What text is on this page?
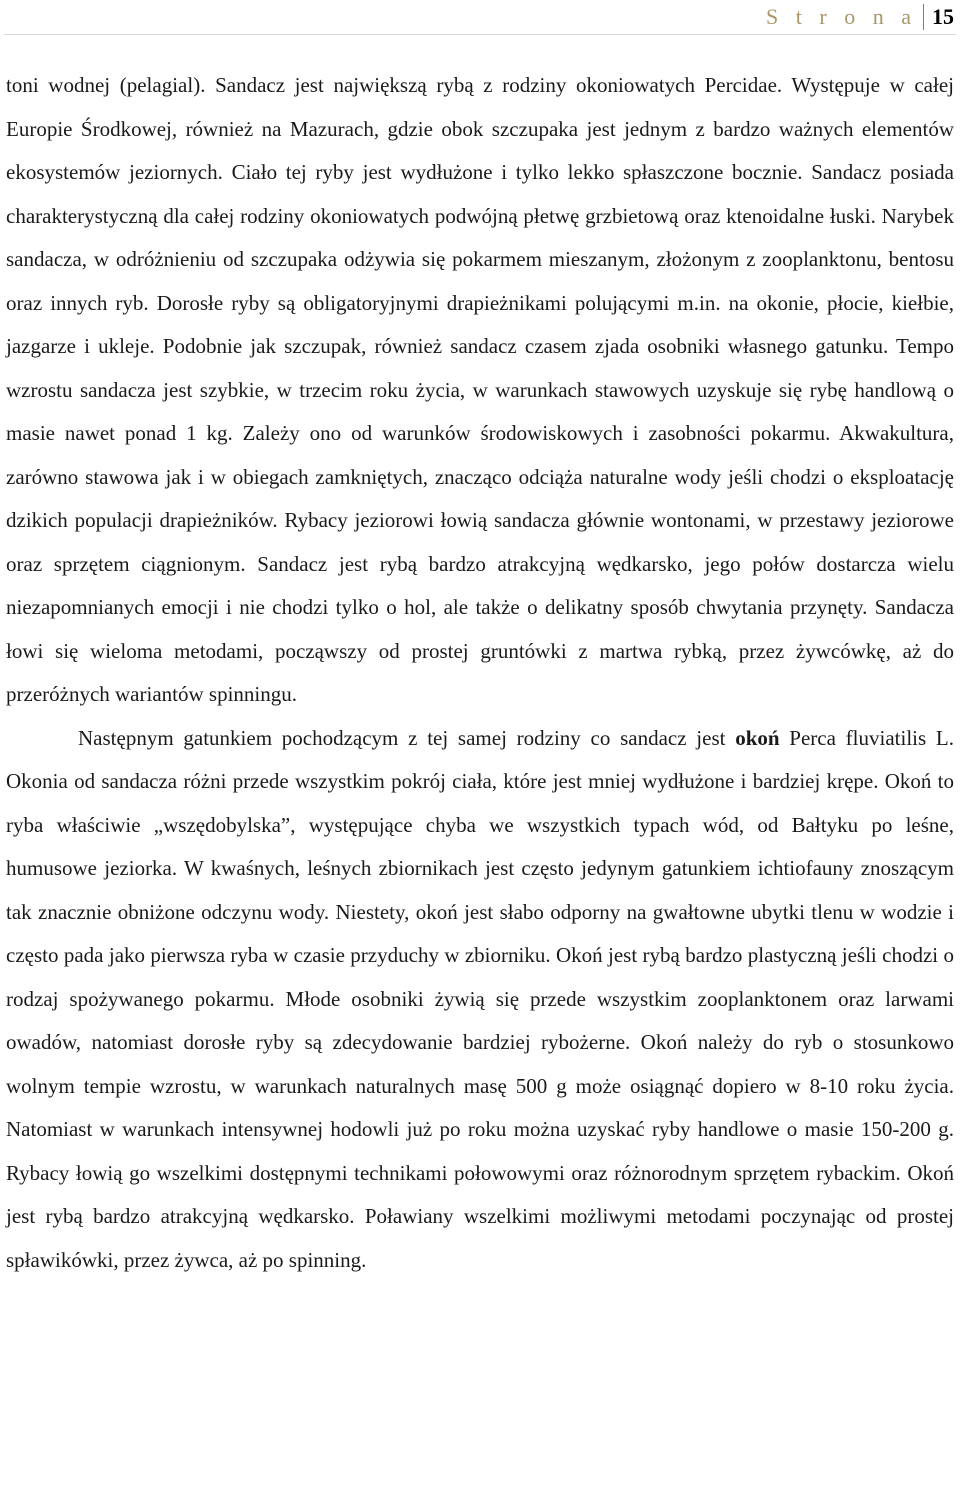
S t r o n a 15

toni wodnej (pelagial). Sandacz jest największą rybą z rodziny okoniowatych Percidae. Występuje w całej Europie Środkowej, również na Mazurach, gdzie obok szczupaka jest jednym z bardzo ważnych elementów ekosystemów jeziornych. Ciało tej ryby jest wydłużone i tylko lekko spłaszczone bocznie. Sandacz posiada charakterystyczną dla całej rodziny okoniowatych podwójną płetwę grzbietową oraz ktenoidalne łuski. Narybek sandacza, w odróżnieniu od szczupaka odżywia się pokarmem mieszanym, złożonym z zooplanktonu, bentosu oraz innych ryb. Dorosłe ryby są obligatoryjnymi drapieżnikami polującymi m.in. na okonie, płocie, kiełbie, jazgarze i ukleje. Podobnie jak szczupak, również sandacz czasem zjada osobniki własnego gatunku. Tempo wzrostu sandacza jest szybkie, w trzecim roku życia, w warunkach stawowych uzyskuje się rybę handlową o masie nawet ponad 1 kg. Zależy ono od warunków środowiskowych i zasobności pokarmu. Akwakultura, zarówno stawowa jak i w obiegach zamkniętych, znacząco odciąża naturalne wody jeśli chodzi o eksploatację dzikich populacji drapieżników. Rybacy jeziorowi łowią sandacza głównie wontonami, w przestawy jeziorowe oraz sprzętem ciągnionym. Sandacz jest rybą bardzo atrakcyjną wędkarsko, jego połów dostarcza wielu niezapomnianych emocji i nie chodzi tylko o hol, ale także o delikatny sposób chwytania przynęty. Sandacza łowi się wieloma metodami, począwszy od prostej gruntówki z martwa rybką, przez żywcówkę, aż do przeróżnych wariantów spinningu.

Następnym gatunkiem pochodzącym z tej samej rodziny co sandacz jest okoń Perca fluviatilis L. Okonia od sandacza różni przede wszystkim pokrój ciała, które jest mniej wydłużone i bardziej krępe. Okoń to ryba właściwie „wszędobylska”, występujące chyba we wszystkich typach wód, od Bałtyku po leśne, humusowe jeziorka. W kwaśnych, leśnych zbiornikach jest często jedynym gatunkiem ichtiofauny znoszącym tak znacznie obniżone odczynu wody. Niestety, okoń jest słabo odporny na gwałtowne ubytki tlenu w wodzie i często pada jako pierwsza ryba w czasie przyduchy w zbiorniku. Okoń jest rybą bardzo plastyczną jeśli chodzi o rodzaj spożywanego pokarmu. Młode osobniki żywią się przede wszystkim zooplanktonem oraz larwami owadów, natomiast dorosłe ryby są zdecydowanie bardziej rybożerne. Okoń należy do ryb o stosunkowo wolnym tempie wzrostu, w warunkach naturalnych masę 500 g może osiągnąć dopiero w 8-10 roku życia. Natomiast w warunkach intensywnej hodowli już po roku można uzyskać ryby handlowe o masie 150-200 g. Rybacy łowią go wszelkimi dostępnymi technikami połowowymi oraz różnorodnym sprzętem rybackim. Okoń jest rybą bardzo atrakcyjną wędkarsko. Poławiany wszelkimi możliwymi metodami poczynając od prostej spławikówki, przez żywca, aż po spinning.
